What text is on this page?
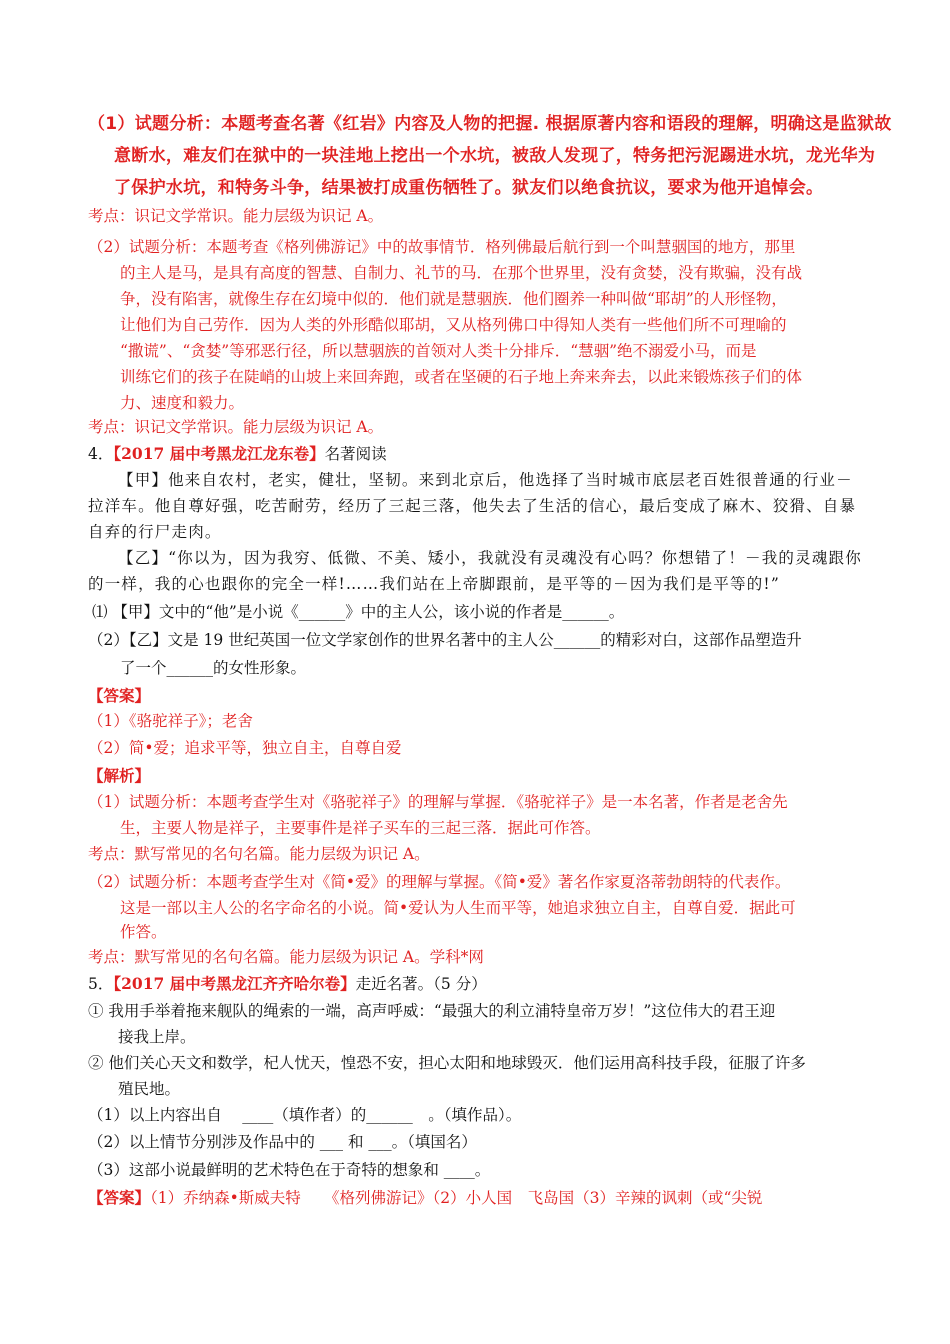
（1）试题分析：本题考查名著《红岩》内容及人物的把握. 根据原著内容和语段的理解，明确这是监狱故
意断水，难友们在狱中的一块洼地上挖出一个水坑，被敌人发现了，特务把污泥踢进水坑，龙光华为
了保护水坑，和特务斗争，结果被打成重伤牺牲了。狱友们以绝食抗议，要求为他开追悼会。
考点：识记文学常识。能力层级为识记 A。
（2）试题分析：本题考查《格列佛游记》中的故事情节．格列佛最后航行到一个叫慧骃国的地方，那里
的主人是马，是具有高度的智慧、自制力、礼节的马．在那个世界里，没有贪婪，没有欺骗，没有战
争，没有陷害，就像生存在幻境中似的．他们就是慧骃族．他们圈养一种叫做“耶胡”的人形怪物，
让他们为自己劳作．因为人类的外形酷似耶胡，又从格列佛口中得知人类有一些他们所不可理喻的
“撒谎”、“贪婪”等邪恶行径，所以慧骃族的首领对人类十分排斥．“慧骃”绝不溺爱小马，而是
训练它们的孩子在陡峭的山坡上来回奔跑，或者在坚硬的石子地上奔来奔去，以此来锻炼孩子们的体
力、速度和毅力。
考点：识记文学常识。能力层级为识记 A。
4．【2017 届中考黑龙江龙东卷】名著阅读
【甲】他来自农村，老实，健壮，坚韧。来到北京后，他选择了当时城市底层老百姓很普通的行业－
拉洋车。他自尊好强，吃苦耐劳，经历了三起三落，他失去了生活的信心，最后变成了麻木、狡猾、自暴
自弃的行尸走肉。
【乙】“你以为，因为我穷、低微、不美、矮小，我就没有灵魂没有心吗？你想错了！－我的灵魂跟你
的一样，我的心也跟你的完全一样!……我们站在上帝脚跟前，是平等的－因为我们是平等的!”
⑴ 【甲】文中的“他”是小说《______》中的主人公，该小说的作者是______。
（2）【乙】文是 19 世纪英国一位文学家创作的世界名著中的主人公______的精彩对白，这部作品塑造升
了一个______的女性形象。
【答案】
（1）《骆驼祥子》；老舍
（2）简•爱；追求平等，独立自主，自尊自爱
【解析】
（1）试题分析：本题考查学生对《骆驼祥子》的理解与掌握．《骆驼祥子》是一本名著，作者是老舍先
生，主要人物是祥子，主要事件是祥子买车的三起三落．据此可作答。
考点：默写常见的名句名篇。能力层级为识记 A。
（2）试题分析：本题考查学生对《简•爱》的理解与掌握。《简•爱》著名作家夏洛蒂勃朗特的代表作。
这是一部以主人公的名字命名的小说。简•爱认为人生而平等，她追求独立自主，自尊自爱．据此可
作答。
考点：默写常见的名句名篇。能力层级为识记 A。学科*网
5．【2017 届中考黑龙江齐齐哈尔卷】走近名著。（5 分）
① 我用手举着拖来舰队的绳索的一端，高声呼威：“最强大的利立浦特皇帝万岁！”这位伟大的君王迎
接我上岸。
② 他们关心天文和数学，杞人忧天，惶恐不安，担心太阳和地球毁灭．他们运用高科技手段，征服了许多
殖民地。
（1）以上内容出自　 ____（填作者）的______　。（填作品）。
（2）以上情节分别涉及作品中的 ___ 和 ___。（填国名）
（3）这部小说最鲜明的艺术特色在于奇特的想象和 ____。
【答案】（1）乔纳森•斯威夫特　　《格列佛游记》（2）小人国　飞岛国（3）辛辣的讽刺（或“尖锐
